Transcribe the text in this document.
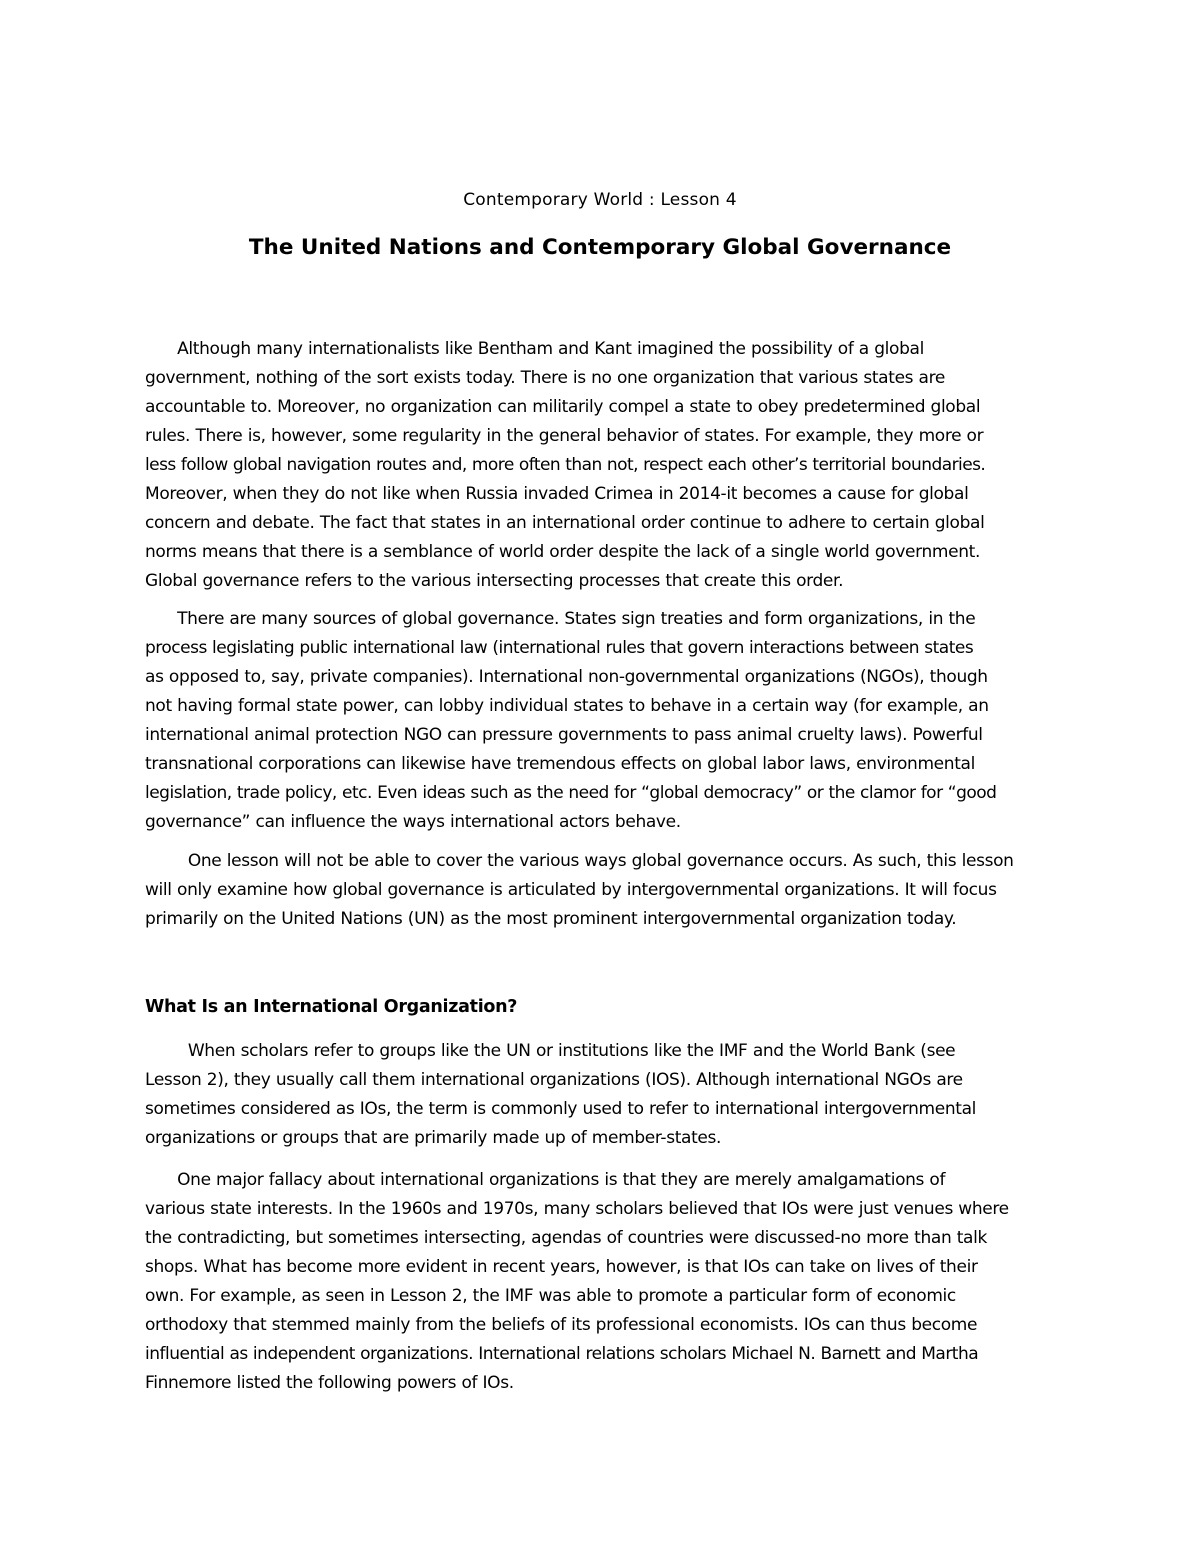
Contemporary World : Lesson 4
The United Nations and Contemporary Global Governance

Although many internationalists like Bentham and Kant imagined the possibility of a global
government, nothing of the sort exists today. There is no one organization that various states are
accountable to. Moreover, no organization can militarily compel a state to obey predetermined global
rules. There is, however, some regularity in the general behavior of states. For example, they more or
less follow global navigation routes and, more often than not, respect each other’s territorial boundaries.
Moreover, when they do not like when Russia invaded Crimea in 2014-it becomes a cause for global
concern and debate. The fact that states in an international order continue to adhere to certain global
norms means that there is a semblance of world order despite the lack of a single world government.
Global governance refers to the various intersecting processes that create this order.

There are many sources of global governance. States sign treaties and form organizations, in the
process legislating public international law (international rules that govern interactions between states
as opposed to, say, private companies). International non-governmental organizations (NGOs), though
not having formal state power, can lobby individual states to behave in a certain way (for example, an
international animal protection NGO can pressure governments to pass animal cruelty laws). Powerful
transnational corporations can likewise have tremendous effects on global labor laws, environmental
legislation, trade policy, etc. Even ideas such as the need for “global democracy” or the clamor for “good
governance” can influence the ways international actors behave.

One lesson will not be able to cover the various ways global governance occurs. As such, this lesson
will only examine how global governance is articulated by intergovernmental organizations. It will focus
primarily on the United Nations (UN) as the most prominent intergovernmental organization today.

What Is an International Organization?

When scholars refer to groups like the UN or institutions like the IMF and the World Bank (see
Lesson 2), they usually call them international organizations (IOS). Although international NGOs are
sometimes considered as IOs, the term is commonly used to refer to international intergovernmental
organizations or groups that are primarily made up of member-states.

One major fallacy about international organizations is that they are merely amalgamations of
various state interests. In the 1960s and 1970s, many scholars believed that IOs were just venues where
the contradicting, but sometimes intersecting, agendas of countries were discussed-no more than talk
shops. What has become more evident in recent years, however, is that IOs can take on lives of their
own. For example, as seen in Lesson 2, the IMF was able to promote a particular form of economic
orthodoxy that stemmed mainly from the beliefs of its professional economists. IOs can thus become
influential as independent organizations. International relations scholars Michael N. Barnett and Martha
Finnemore listed the following powers of IOs.
